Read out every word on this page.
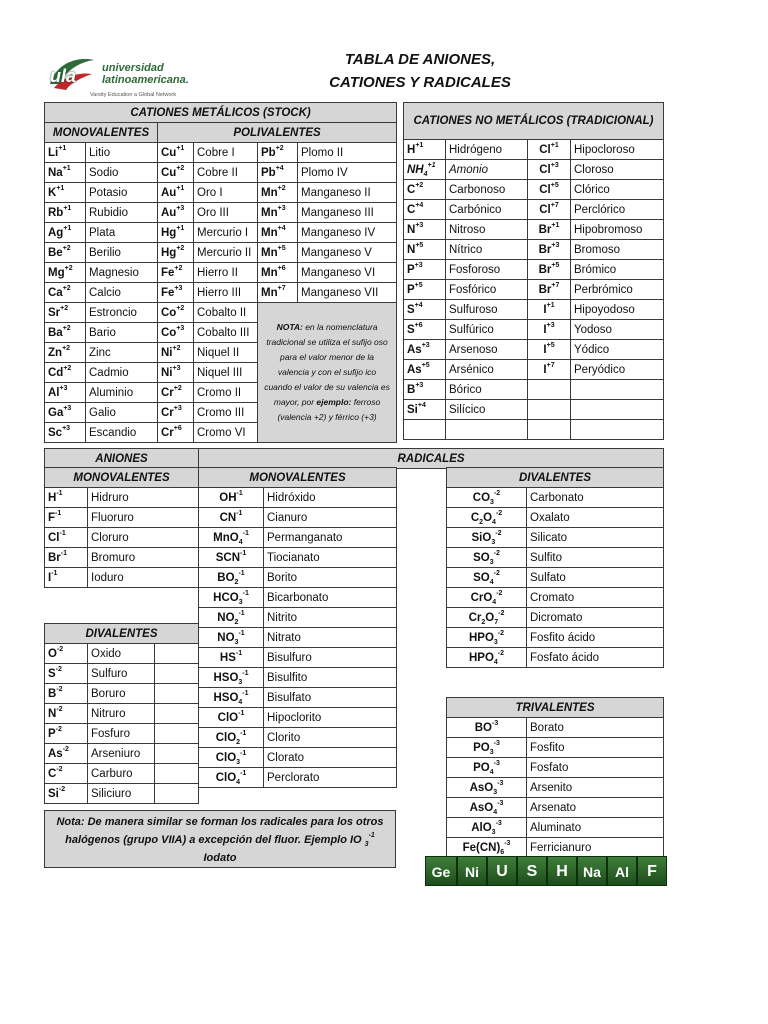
ula universidad
latinoamericana.
Varsity Education a Global Network
TABLA DE ANIONES,
CATIONES Y RADICALES
CATIONES METÁLICOS (STOCK)					
MONOVALENTES		POLIVALENTES			
$Li^{+1}$	Litio	$Cu^{+1}$	Cobre I	$Pb^{+2}$	Plomo II
$Na^{+1}$	Sodio	$Cu^{+2}$	Cobre II	$Pb^{+4}$	Plomo IV
$K^{+1}$	Potasio	$Au^{+1}$	Oro I	$Mn^{+2}$	Manganeso II
$Rb^{+1}$	Rubidio	$Au^{+3}$	Oro III	$Mn^{+3}$	Manganeso III
$Ag^{+1}$	Plata	$Hg^{+1}$	Mercurio I	$Mn^{+4}$	Manganeso IV
$Be^{+2}$	Berilio	$Hg^{+2}$	Mercurio II	$Mn^{+5}$	Manganeso V
$Mg^{+2}$	Magnesio	$Fe^{+2}$	Hierro II	$Mn^{+6}$	Manganeso VI
$Ca^{+2}$	Calcio	$Fe^{+3}$	Hierro III	$Mn^{+7}$	Manganeso VII
$Sr^{+2}$	Estroncio	$Co^{+2}$	Cobalto II	NOTA: en la nomenclatura tradicional se utiliza el sufijo oso para el valor menor de la valencia y con el sufijo ico cuando el valor de su valencia es mayor, por ejemplo: ferroso (valencia +2) y férrico (+3)	
$Ba^{+2}$	Bario	$Co^{+3}$	Cobalto III		
$Zn^{+2}$	Zinc	$Ni^{+2}$	Niquel II		
$Cd^{+2}$	Cadmio	$Ni^{+3}$	Niquel III		
$Al^{+3}$	Aluminio	$Cr^{+2}$	Cromo II		
$Ga^{+3}$	Galio	$Cr^{+3}$	Cromo III		
$Sc^{+3}$	Escandio	$Cr^{+6}$	Cromo VI		
CATIONES NO METÁLICOS (TRADICIONAL)			
$H^{+1}$	Hidrógeno	$Cl^{+1}$	Hipocloroso
$NH_4^{+1}$	Amonio	$Cl^{+3}$	Cloroso
$C^{+2}$	Carbonoso	$Cl^{+5}$	Clórico
$C^{+4}$	Carbónico	$Cl^{+7}$	Perclórico
$N^{+3}$	Nitroso	$Br^{+1}$	Hipobromoso
$N^{+5}$	Nítrico	$Br^{+3}$	Bromoso
$P^{+3}$	Fosforoso	$Br^{+5}$	Brómico
$P^{+5}$	Fosfórico	$Br^{+7}$	Perbrómico
$S^{+4}$	Sulfuroso	$I^{+1}$	Hipoyodoso
$S^{+6}$	Sulfúrico	$I^{+3}$	Yodoso
$As^{+3}$	Arsenoso	$I^{+5}$	Yódico
$As^{+5}$	Arsénico	$I^{+7}$	Peryódico
$B^{+3}$	Bórico		
$Si^{+4}$	Silícico		

ANIONES	RADICALES
MONOVALENTES	
$H^{-1}$	Hidruro
$F^{-1}$	Fluoruro
$Cl^{-1}$	Cloruro
$Br^{-1}$	Bromuro
$I^{-1}$	Ioduro
DIVALENTES		
$O^{-2}$	Oxido	
$S^{-2}$	Sulfuro	
$B^{-2}$	Boruro	
$N^{-2}$	Nitruro	
$P^{-2}$	Fosfuro	
$As^{-2}$	Arseniuro	
$C^{-2}$	Carburo	
$Si^{-2}$	Siliciuro	
MONOVALENTES	
$OH^{-1}$	Hidróxido
$CN^{-1}$	Cianuro
MnO$_4^{-1}$	Permanganato
$SCN^{-1}$	Tiocianato
$BO_2^{-1}$	Borito
$HCO_3^{-1}$	Bicarbonato
$NO_2^{-1}$	Nitrito
$NO_3^{-1}$	Nitrato
$HS^{-1}$	Bisulfuro
$HSO_3^{-1}$	Bisulfito
$HSO_4^{-1}$	Bisulfato
ClO$^{-1}$	Hipoclorito
ClO$_2^{-1}$	Clorito
ClO$_3^{-1}$	Clorato
ClO$_4^{-1}$	Perclorato
DIVALENTES	
$CO_3^{-2}$	Carbonato
$C_2O_4^{-2}$	Oxalato
SiO$_3^{-2}$	Silicato
$SO_3^{-2}$	Sulfito
$SO_4^{-2}$	Sulfato
CrO$_4^{-2}$	Cromato
$Cr_2O_7^{-2}$	Dicromato
$HPO_3^{-2}$	Fosfito ácido
$HPO_4^{-2}$	Fosfato ácido
TRIVALENTES	
$BO^{-3}$	Borato
$PO_3^{-3}$	Fosfito
$PO_4^{-3}$	Fosfato
AsO$_3^{-3}$	Arsenito
AsO$_4^{-3}$	Arsenato
AlO$_3^{-3}$	Aluminato
$Fe(CN)_6^{-3}$	Ferricianuro
Nota: De manera similar se forman los radicales para los otros
halógenos (grupo VIIA) a excepción del fluor. Ejemplo IO $_3^{-1}$
Iodato
Ge	Ni	U	S	H	Na	Al	F
